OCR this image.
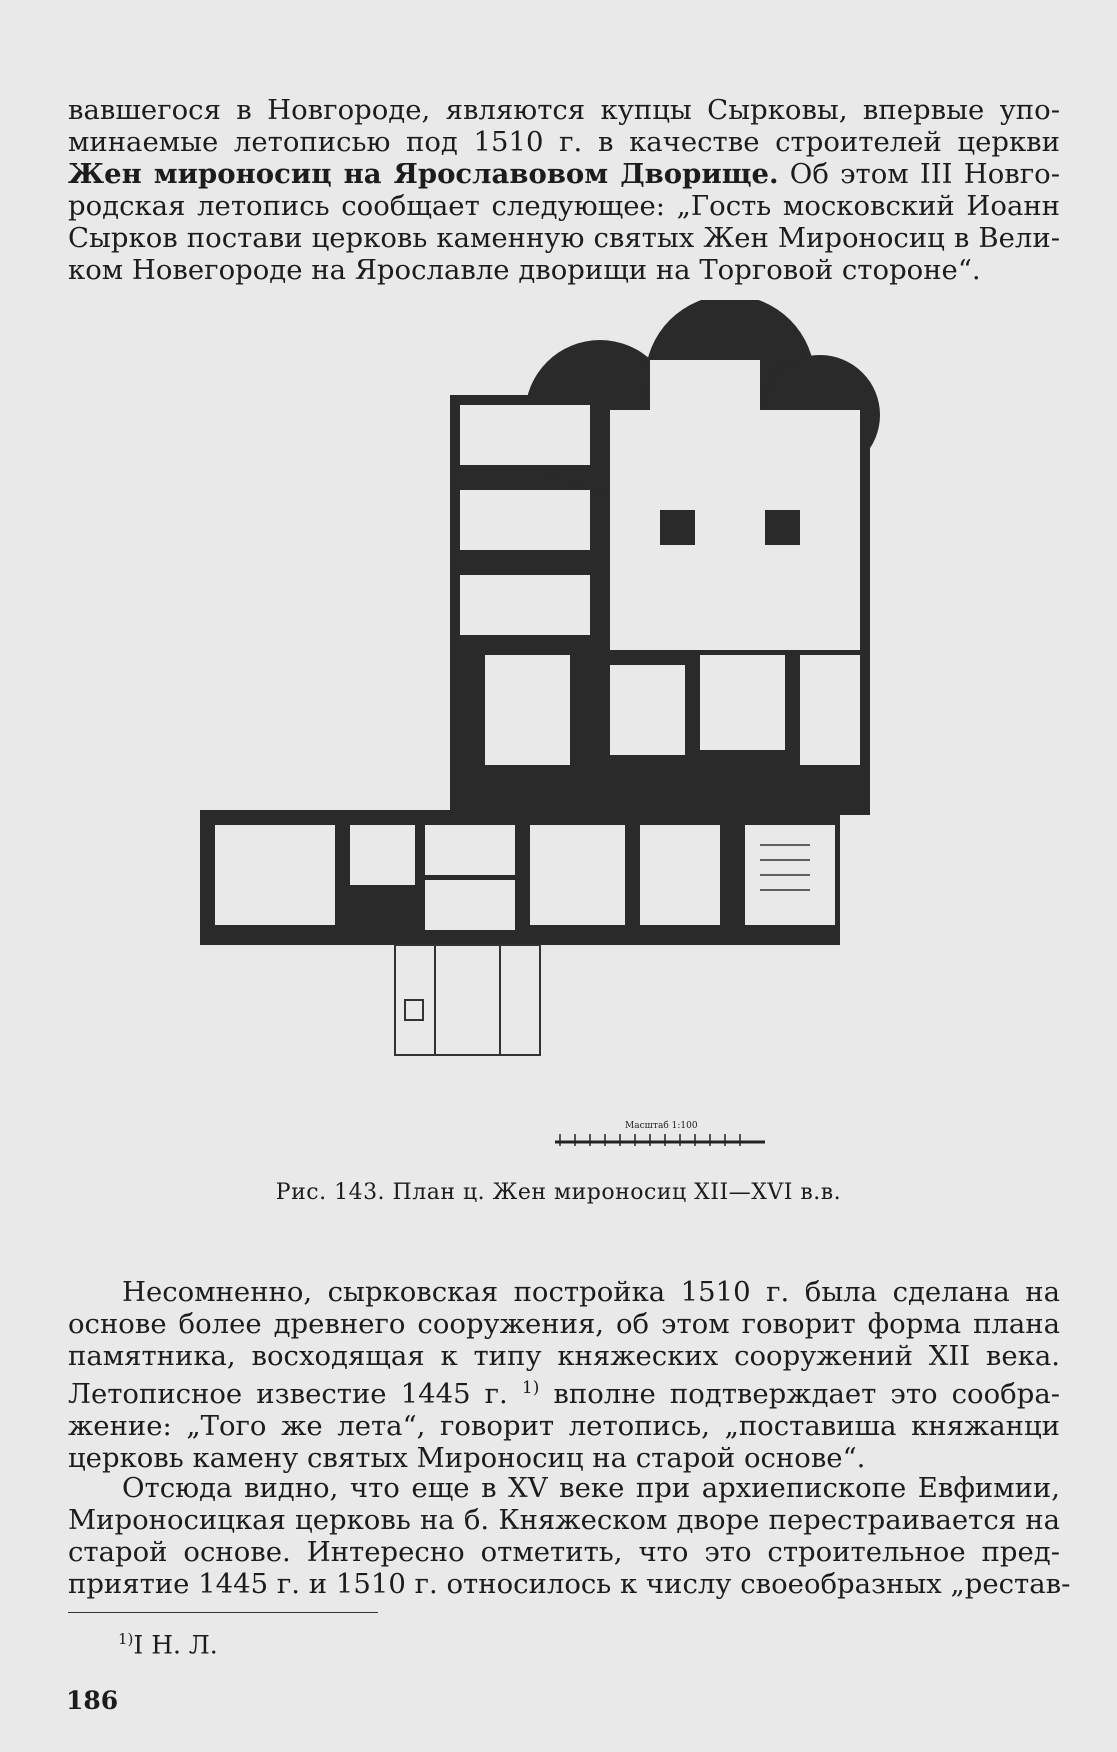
вавшегося в Новгороде, являются купцы Сырковы, впервые упо-
минаемые летописью под 1510 г. в качестве строителей церкви
Жен мироносиц на Ярославовом Дворище. Об этом III Новго-
родская летопись сообщает следующее: „Гость московский Иоанн
Сырков постави церковь каменную святых Жен Мироносиц в Вели-
ком Новегороде на Ярославле дворищи на Торговой стороне“.
Масштаб 1:100
Рис. 143. План ц. Жен мироносиц XII—XVI в.в.
Несомненно, сырковская постройка 1510 г. была сделана на
основе более древнего сооружения, об этом говорит форма плана
памятника, восходящая к типу княжеских сооружений XII века.
Летописное известие 1445 г. $^{1)}$ вполне подтверждает это сообра-
жение: „Того же лета“, говорит летопись, „поставиша княжанци
церковь камену святых Мироносиц на старой основе“.
Отсюда видно, что еще в XV веке при архиепископе Евфимии,
Мироносицкая церковь на б. Княжеском дворе перестраивается на
старой основе. Интересно отметить, что это строительное пред-
приятие 1445 г. и 1510 г. относилось к числу своеобразных „рестав-
$^{1)}$I Н. Л.
186
